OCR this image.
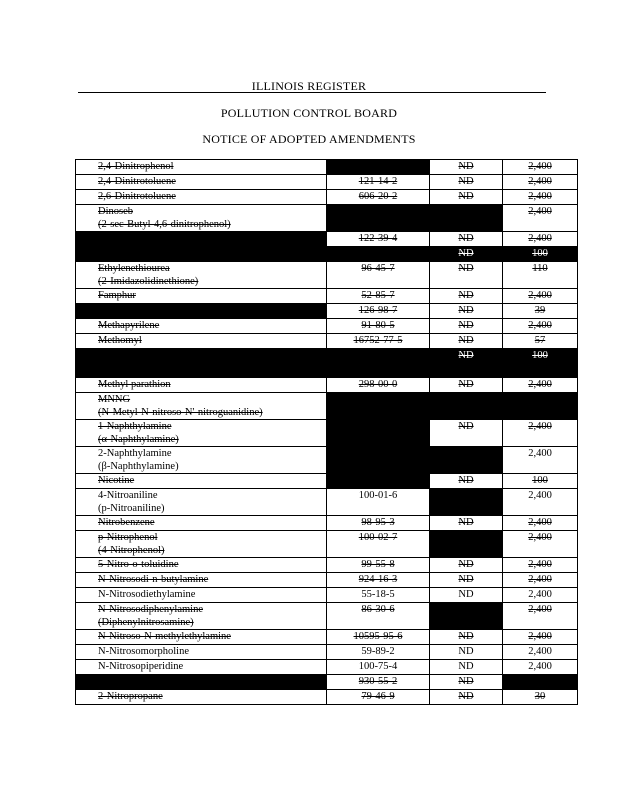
ILLINOIS REGISTER
POLLUTION CONTROL BOARD
NOTICE OF ADOPTED AMENDMENTS
2,4-Dinitrophenol	51-28-5	ND	2,400
2,4-Dinitrotoluene	121-14-2	ND	2,400
2,6-Dinitrotoluene	606-20-2	ND	2,400
Dinoseb
(2-sec-Butyl-4,6-dinitrophenol)	88-85-7	ND	2,400
Diphenylamine	122-39-4	ND	2,400
Disulfoton	81-29-6	ND	100
Ethylenethiourea
(2-Imidazolidinethione)	96-45-7	ND	110
Famphur	52-85-7	ND	2,400
Isophorone	126-98-7	ND	39
Methapyrilene	91-80-5	ND	2,400
Methomyl	16752-77-5	ND	57
Methyl parathion	75-86-5	ND	100
Methyl parathion	298-00-0	ND	2,400
MNNG
(N-Metyl-N-nitroso-N'-nitroguanidine)	70-25-7	ND	110
1-Naphthylamine
(α-Naphthylamine)	134-32-7	ND	2,400
2-Naphthylamine
(β-Naphthylamine)	91-59-8	ND	2,400
Nicotine	54-11-5	ND	100
4-Nitroaniline
(p-Nitroaniline)	100-01-6	ND	2,400
Nitrobenzene	98-95-3	ND	2,400
p-Nitrophenol
(4-Nitrophenol)	100-02-7	ND	2,400
5-Nitro-o-toluidine	99-55-8	ND	2,400
N-Nitrosodi-n-butylamine	924-16-3	ND	2,400
N-Nitrosodiethylamine	55-18-5	ND	2,400
N-Nitrosodiphenylamine
(Diphenylnitrosamine)	86-30-6	ND	2,400
N-Nitroso-N-methylethylamine	10595-95-6	ND	2,400
N-Nitrosomorpholine	59-89-2	ND	2,400
N-Nitrosopiperidine	100-75-4	ND	2,400
N-Nitrosopyrrolidine	930-55-2	ND	2,400
2-Nitropropane	79-46-9	ND	30
